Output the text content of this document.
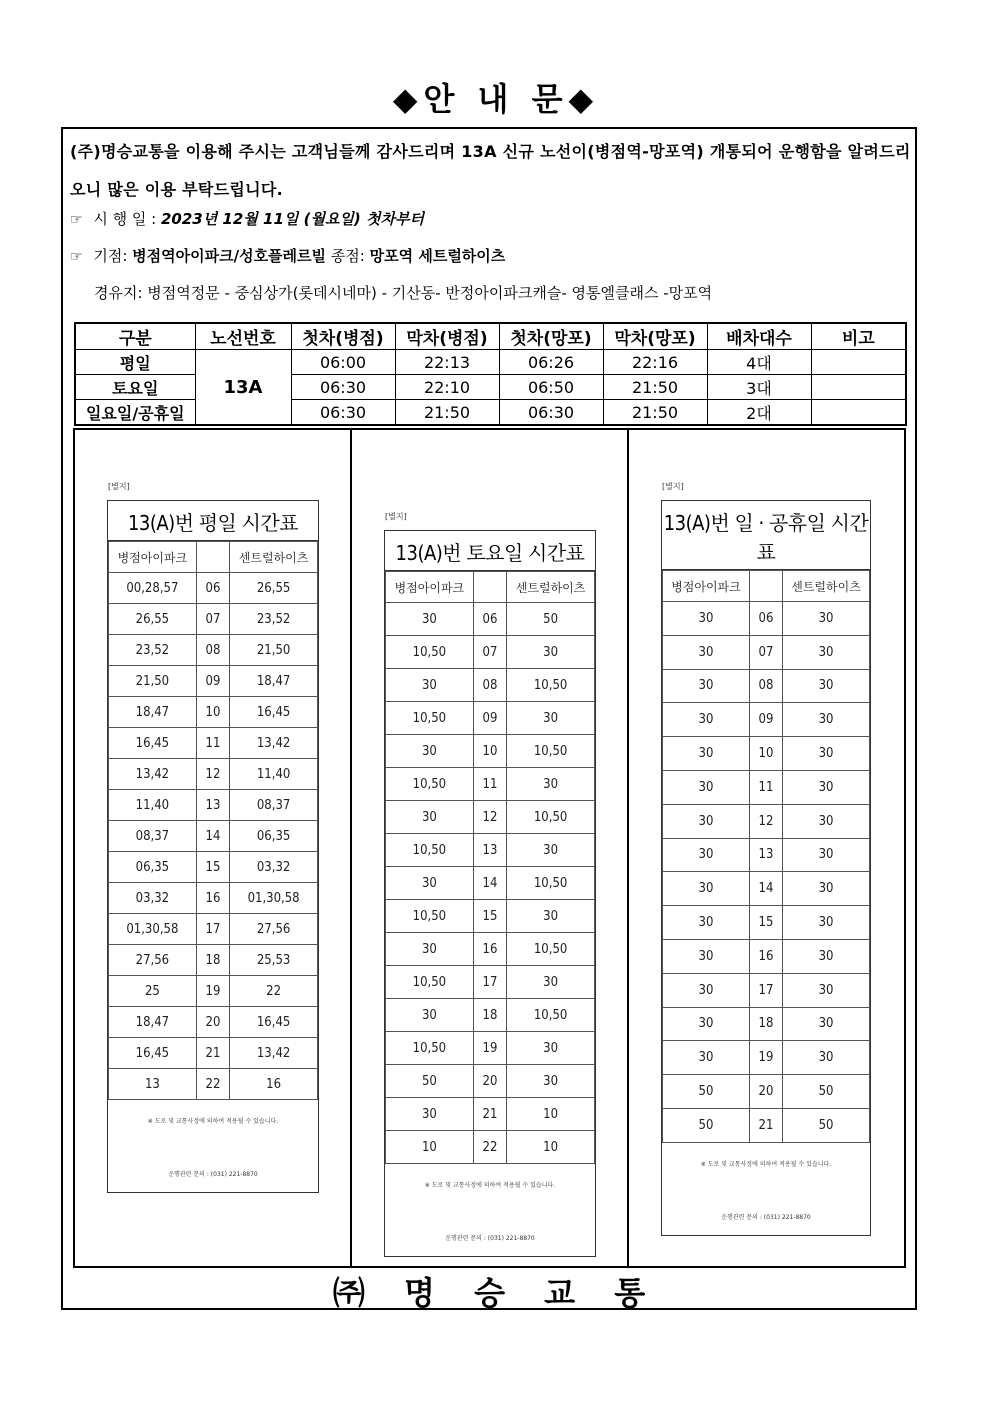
◆안 내 문◆
(주)명승교통을 이용해 주시는 고객님들께 감사드리며 13A 신규 노선이(병점역-망포역) 개통되어 운행함을 알려드리오니 많은 이용 부탁드립니다.
☞ 시 행 일 : 2023년 12월 11일 (월요일) 첫차부터
☞ 기점: 병점역아이파크/성호플레르빌 종점: 망포역 세트럴하이츠
경유지: 병점역정문 - 중심상가(롯데시네마) - 기산동- 반정아이파크캐슬- 영통엘클래스 -망포역
구분	노선번호	첫차(병점)	막차(병점)	첫차(망포)	막차(망포)	배차대수	비고
평일	13A	06:00	22:13	06:26	22:16	4대	
토요일		06:30	22:10	06:50	21:50	3대	
일요일/공휴일		06:30	21:50	06:30	21:50	2대	
[별지]
13(A)번 평일 시간표
병점아이파크		센트럴하이츠
00,28,57	06	26,55
26,55	07	23,52
23,52	08	21,50
21,50	09	18,47
18,47	10	16,45
16,45	11	13,42
13,42	12	11,40
11,40	13	08,37
08,37	14	06,35
06,35	15	03,32
03,32	16	01,30,58
01,30,58	17	27,56
27,56	18	25,53
25	19	22
18,47	20	16,45
16,45	21	13,42
13	22	16
※ 도로 및 교통사정에 의하여 적용될 수 있습니다.
운행관련 문의 : (031) 221-8870
[별지]
13(A)번 토요일 시간표
병점아이파크		센트럴하이츠
30	06	50
10,50	07	30
30	08	10,50
10,50	09	30
30	10	10,50
10,50	11	30
30	12	10,50
10,50	13	30
30	14	10,50
10,50	15	30
30	16	10,50
10,50	17	30
30	18	10,50
10,50	19	30
50	20	30
30	21	10
10	22	10
※ 도로 및 교통사정에 의하여 적용될 수 있습니다.
운행관련 문의 : (031) 221-8870
[별지]
13(A)번 일 · 공휴일 시간표
병점아이파크		센트럴하이츠
30	06	30
30	07	30
30	08	30
30	09	30
30	10	30
30	11	30
30	12	30
30	13	30
30	14	30
30	15	30
30	16	30
30	17	30
30	18	30
30	19	30
50	20	50
50	21	50
※ 도로 및 교통사정에 의하여 적용될 수 있습니다.
운행관련 문의 : (031) 221-8870
㈜ 명 승 교 통
